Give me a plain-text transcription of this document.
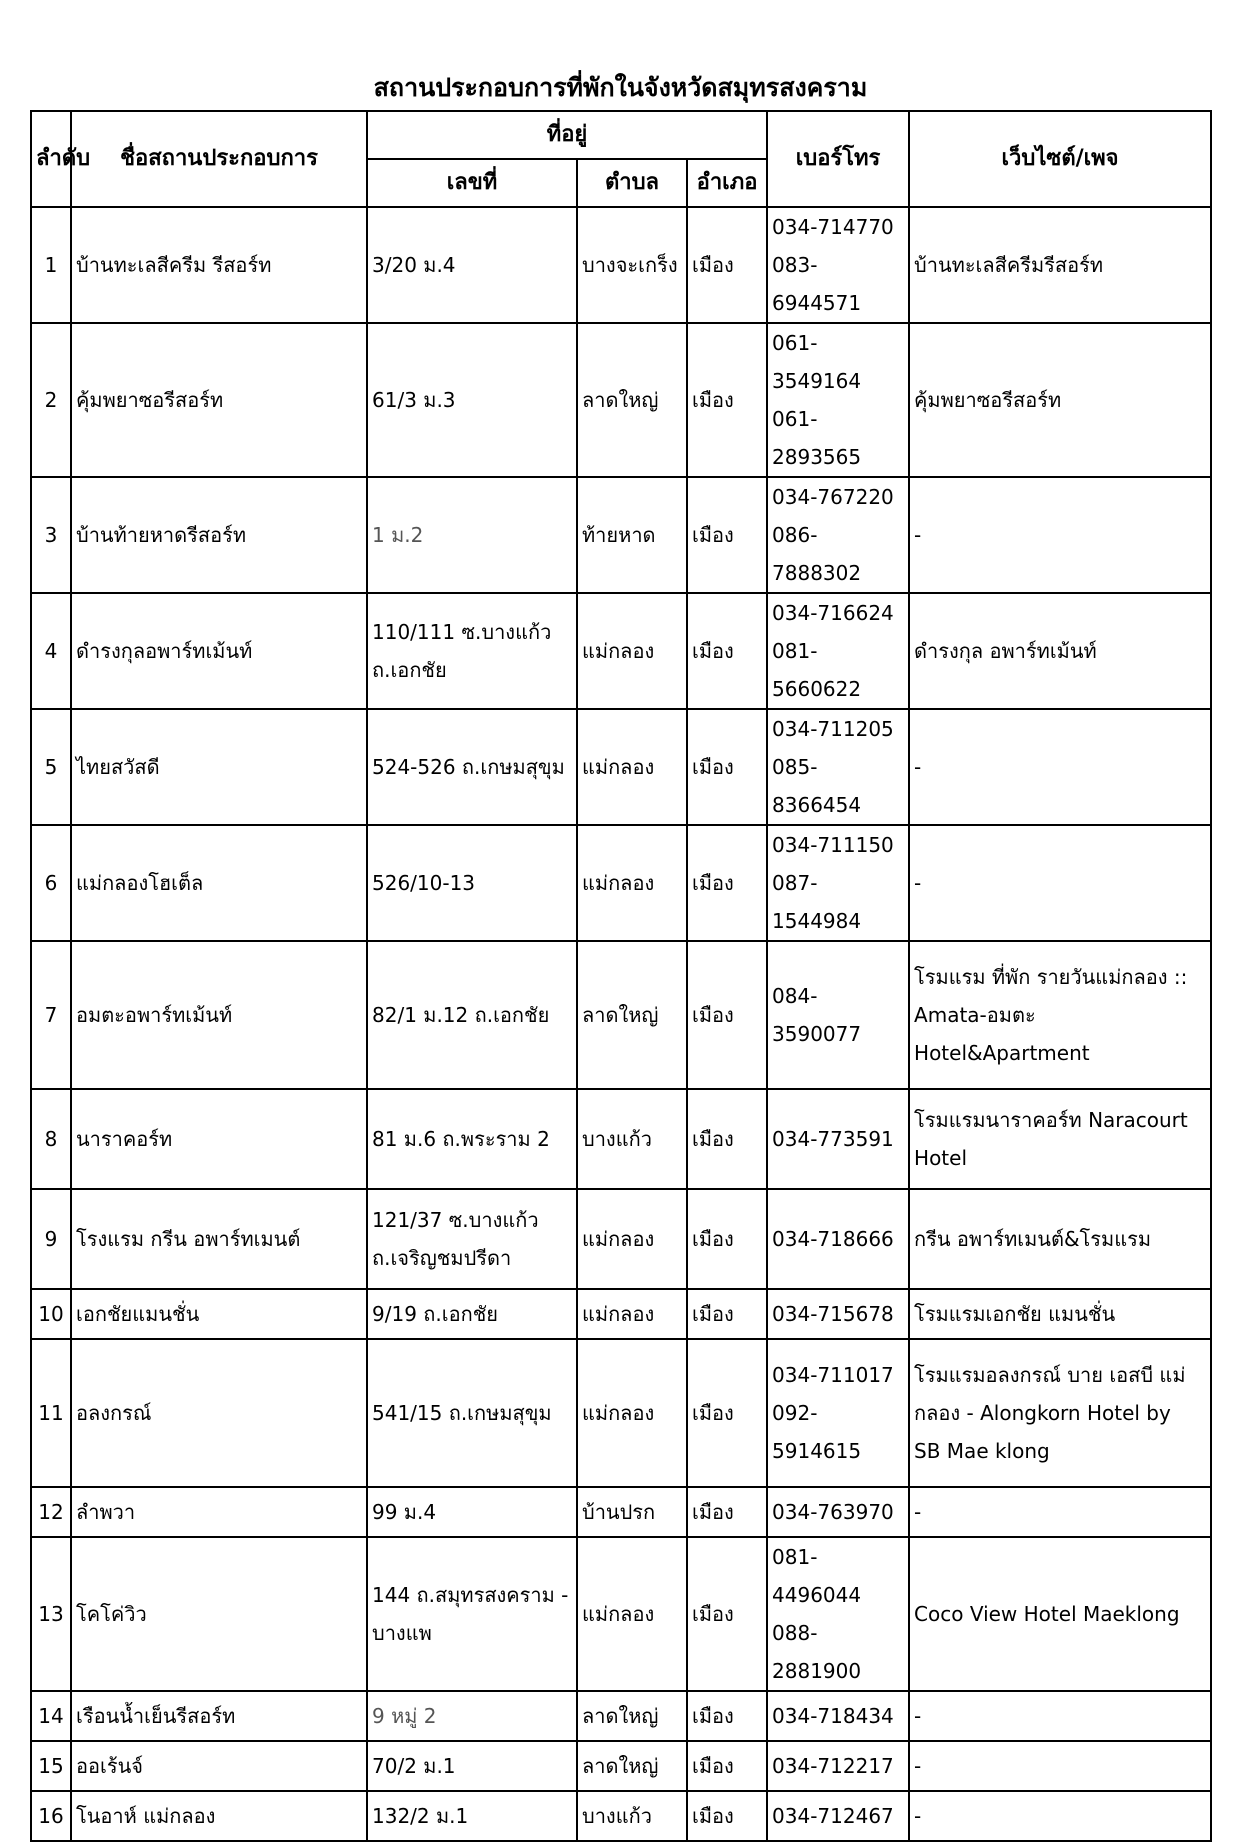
สถานประกอบการที่พักในจังหวัดสมุทรสงคราม
ลำดับ	ชื่อสถานประกอบการ	ที่อยู่			เบอร์โทร	เว็บไซต์/เพจ
		เลขที่	ตำบล	อำเภอ		
1	บ้านทะเลสีครีม รีสอร์ท	3/20 ม.4	บางจะเกร็ง	เมือง	034-714770
083-6944571	บ้านทะเลสีครีมรีสอร์ท

2	คุ้มพยาซอรีสอร์ท	61/3 ม.3	ลาดใหญ่	เมือง	061-3549164
061-2893565	คุ้มพยาซอรีสอร์ท

3	บ้านท้ายหาดรีสอร์ท	1 ม.2	ท้ายหาด	เมือง	034-767220
086-7888302	-

4	ดำรงกุลอพาร์ทเม้นท์	110/111 ซ.บางแก้ว
ถ.เอกชัย	แม่กลอง	เมือง	034-716624
081-5660622	ดำรงกุล อพาร์ทเม้นท์

5	ไทยสวัสดี	524-526 ถ.เกษมสุขุม	แม่กลอง	เมือง	034-711205
085-8366454	-

6	แม่กลองโฮเต็ล	526/10-13	แม่กลอง	เมือง	034-711150
087-1544984	-

7	อมตะอพาร์ทเม้นท์	82/1 ม.12 ถ.เอกชัย	ลาดใหญ่	เมือง	084-3590077	โรมแรม ที่พัก รายวันแม่กลอง ::
Amata-อมตะ
Hotel&Apartment

8	นาราคอร์ท	81 ม.6 ถ.พระราม 2	บางแก้ว	เมือง	034-773591	โรมแรมนาราคอร์ท Naracourt
Hotel

9	โรงแรม กรีน อพาร์ทเมนต์	121/37 ซ.บางแก้ว
ถ.เจริญชมปรีดา	แม่กลอง	เมือง	034-718666	กรีน อพาร์ทเมนต์&โรมแรม

10	เอกชัยแมนชั่น	9/19 ถ.เอกชัย	แม่กลอง	เมือง	034-715678	โรมแรมเอกชัย แมนชั่น

11	อลงกรณ์	541/15 ถ.เกษมสุขุม	แม่กลอง	เมือง	034-711017
092-5914615	โรมแรมอลงกรณ์ บาย เอสบี แม่
กลอง - Alongkorn Hotel by
SB Mae klong

12	ลำพวา	99 ม.4	บ้านปรก	เมือง	034-763970	-

13	โคโค่วิว	144 ถ.สมุทรสงคราม -
บางแพ	แม่กลอง	เมือง	081-4496044
088-2881900	Coco View Hotel Maeklong

14	เรือนน้ำเย็นรีสอร์ท	9 หมู่ 2	ลาดใหญ่	เมือง	034-718434	-

15	ออเร้นจ์	70/2 ม.1	ลาดใหญ่	เมือง	034-712217	-

16	โนอาห์ แม่กลอง	132/2 ม.1	บางแก้ว	เมือง	034-712467	-
